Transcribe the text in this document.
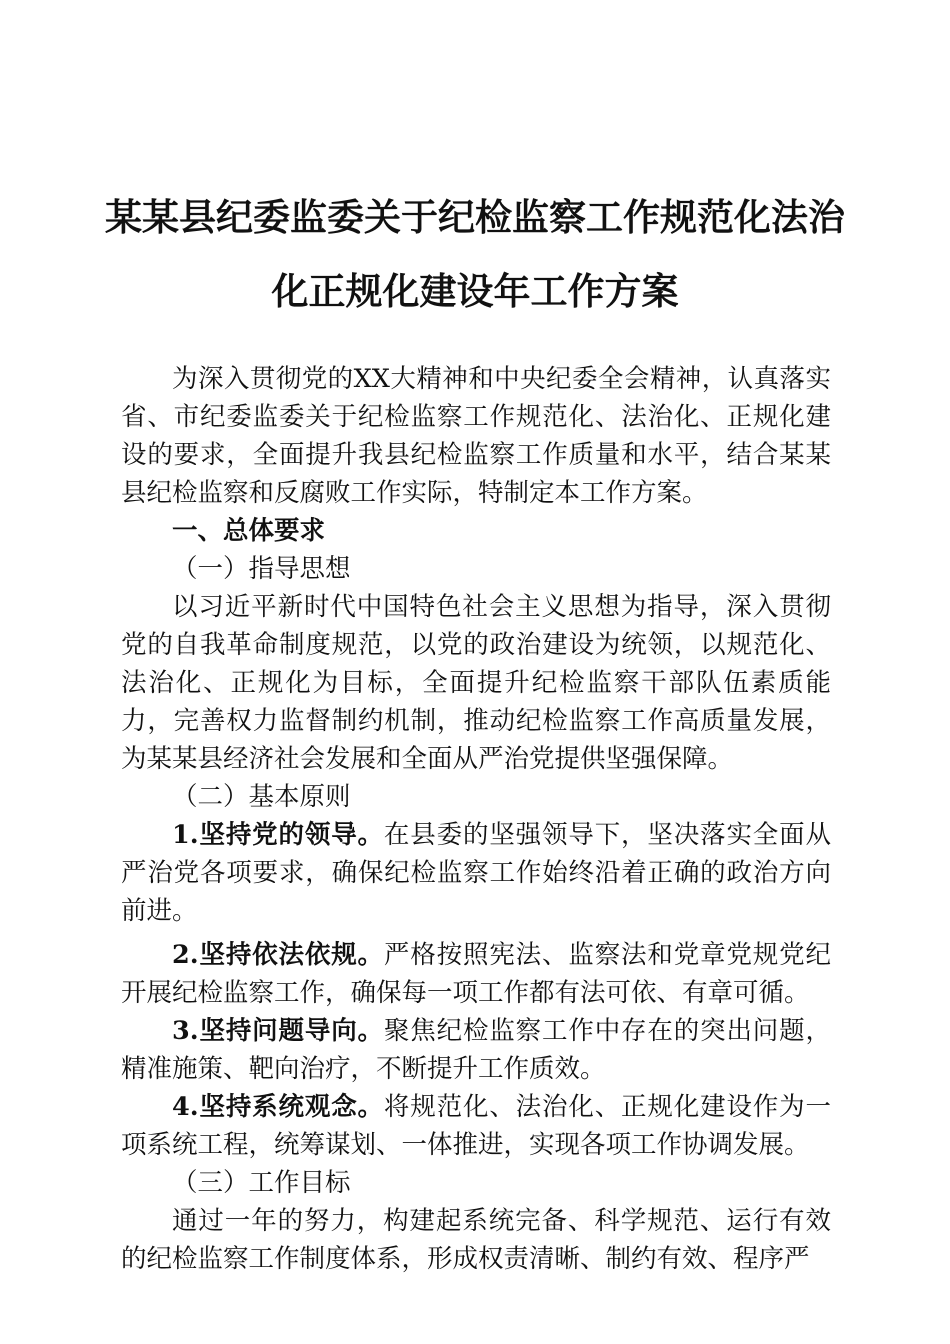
某某县纪委监委关于纪检监察工作规范化法治
化正规化建设年工作方案

为深入贯彻党的XX大精神和中央纪委全会精神，认真落实省、市纪委监委关于纪检监察工作规范化、法治化、正规化建设的要求，全面提升我县纪检监察工作质量和水平，结合某某县纪检监察和反腐败工作实际，特制定本工作方案。

一、总体要求

（一）指导思想

以习近平新时代中国特色社会主义思想为指导，深入贯彻党的自我革命制度规范，以党的政治建设为统领，以规范化、法治化、正规化为目标，全面提升纪检监察干部队伍素质能力，完善权力监督制约机制，推动纪检监察工作高质量发展，为某某县经济社会发展和全面从严治党提供坚强保障。

（二）基本原则

1.坚持党的领导。在县委的坚强领导下，坚决落实全面从严治党各项要求，确保纪检监察工作始终沿着正确的政治方向前进。

2.坚持依法依规。严格按照宪法、监察法和党章党规党纪开展纪检监察工作，确保每一项工作都有法可依、有章可循。

3.坚持问题导向。聚焦纪检监察工作中存在的突出问题，精准施策、靶向治疗，不断提升工作质效。

4.坚持系统观念。将规范化、法治化、正规化建设作为一项系统工程，统筹谋划、一体推进，实现各项工作协调发展。

（三）工作目标

通过一年的努力，构建起系统完备、科学规范、运行有效的纪检监察工作制度体系，形成权责清晰、制约有效、程序严
